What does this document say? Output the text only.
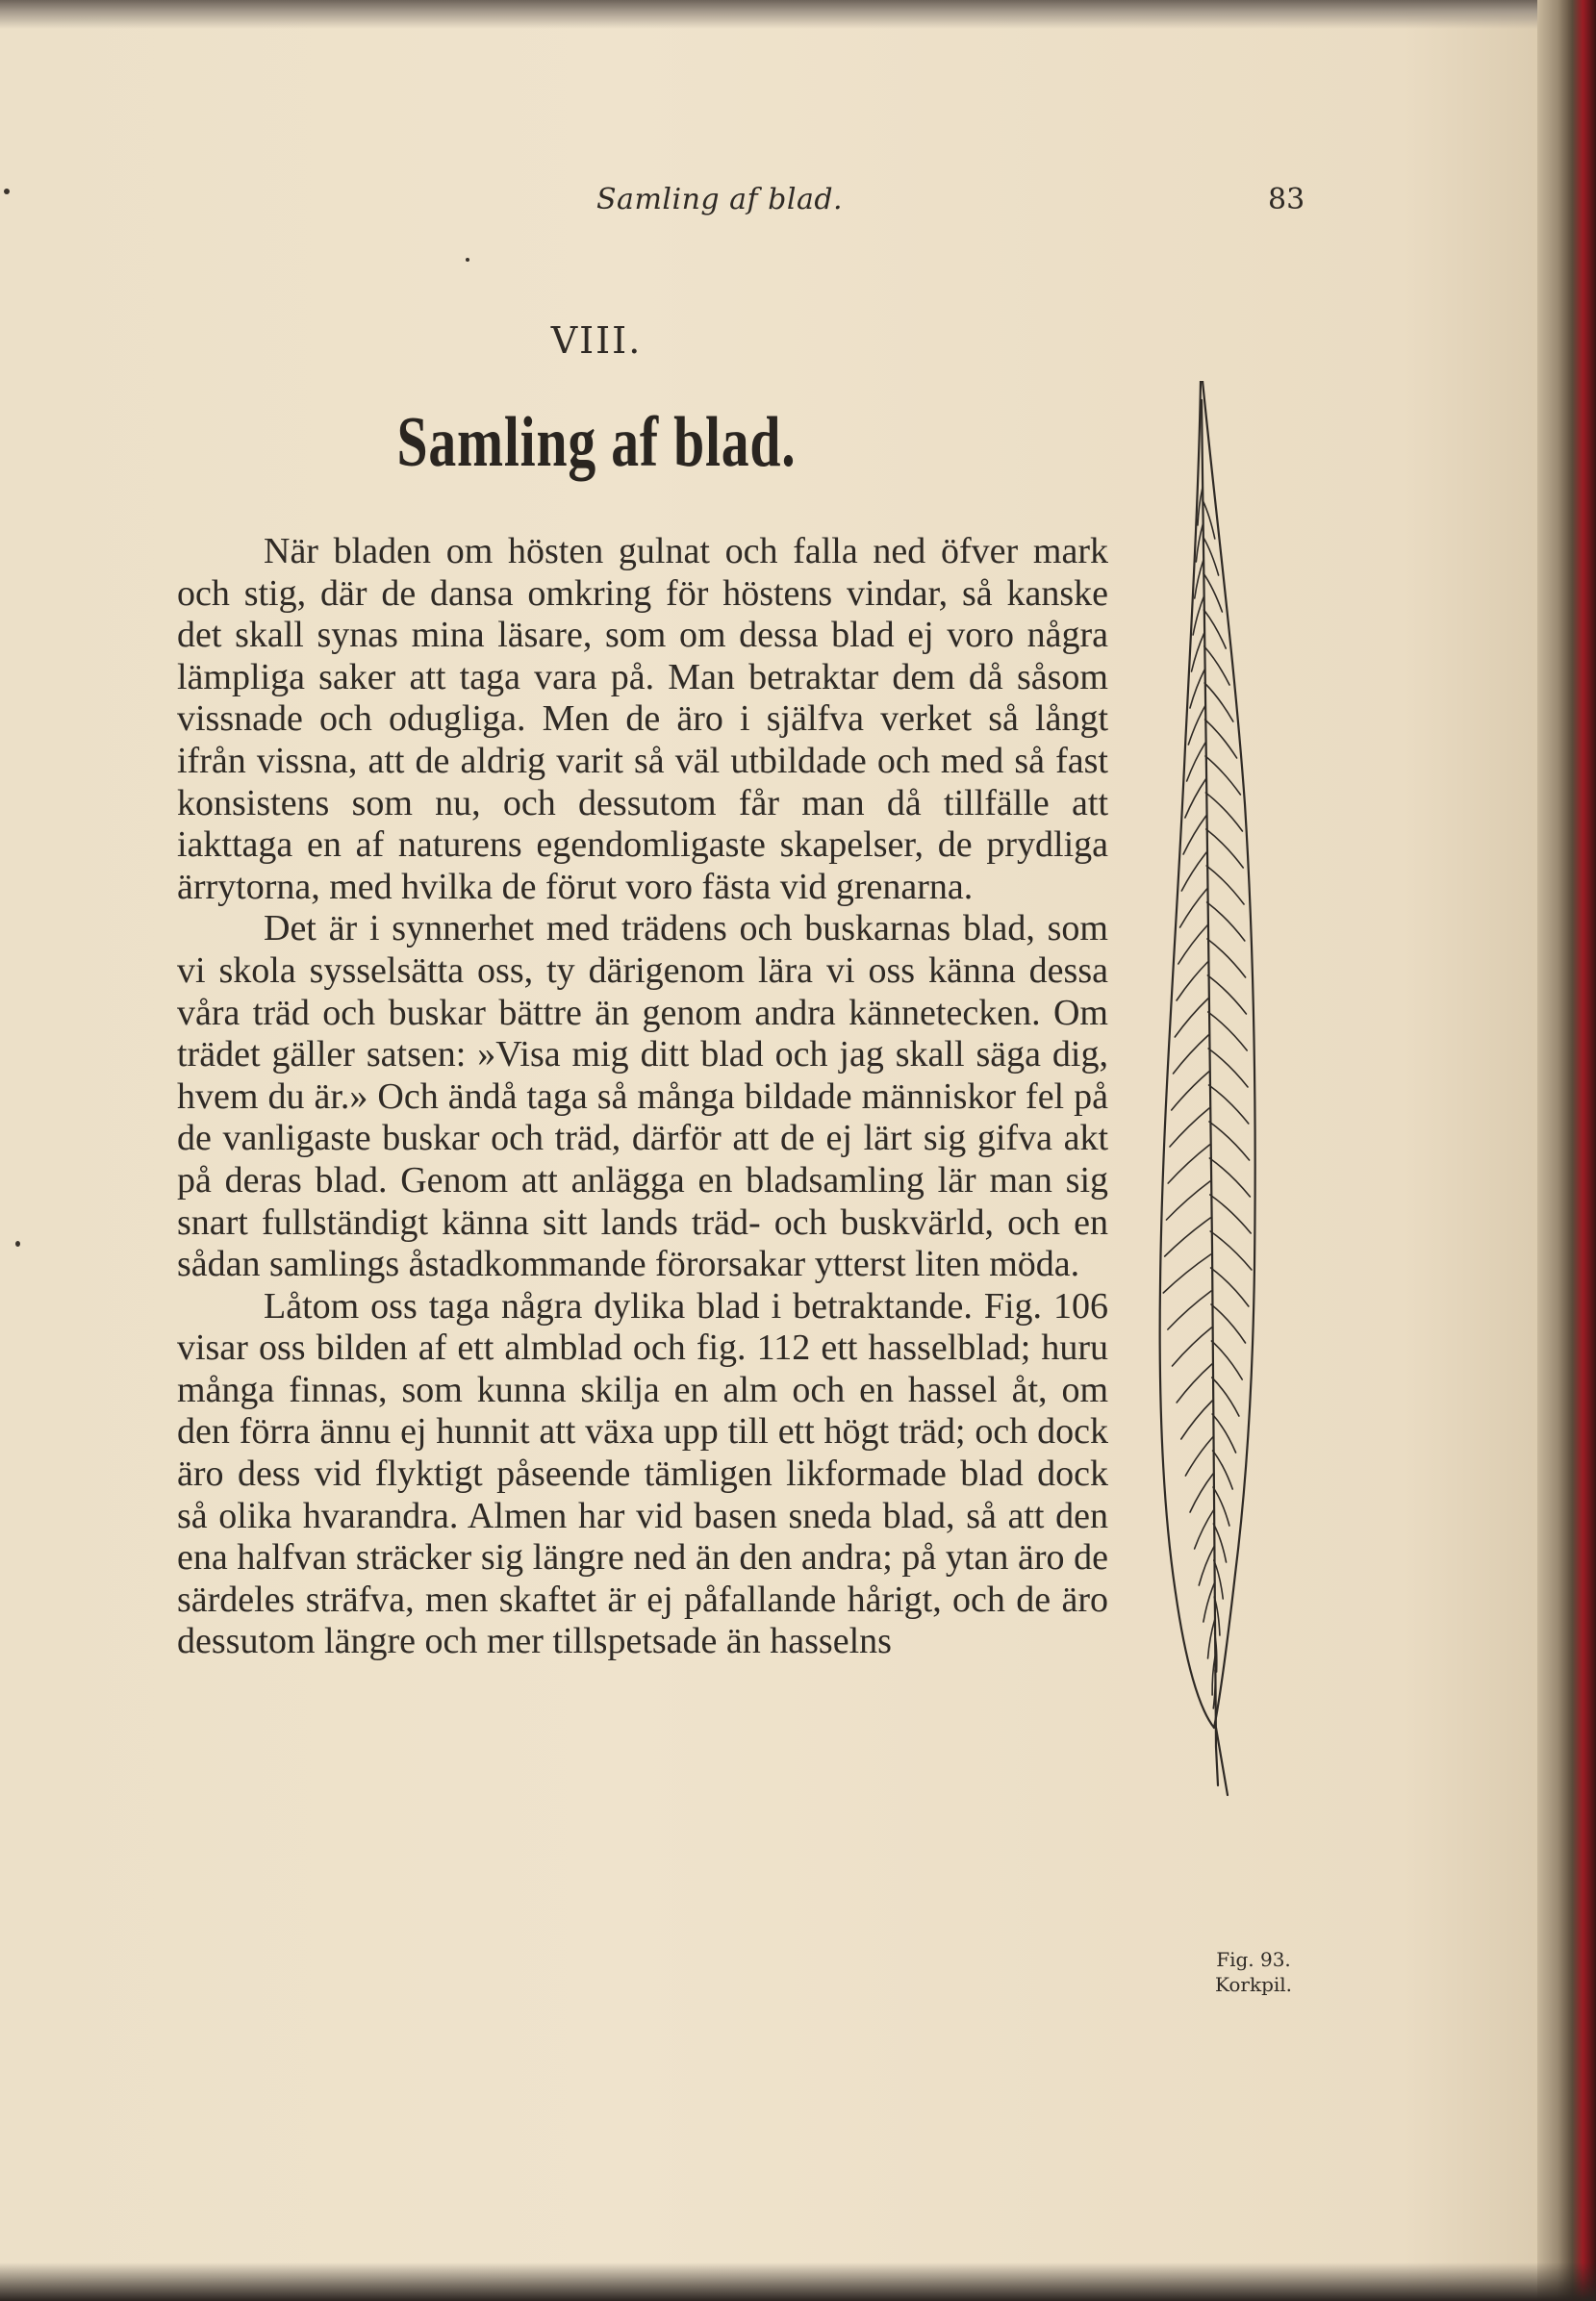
Samling af blad.	83
VIII.
Samling af blad.

När bladen om hösten gulnat och falla ned öfver mark och stig, där de dansa omkring för höstens vindar, så kanske det skall synas mina läsare, som om dessa blad ej voro några lämpliga saker att taga vara på. Man betraktar dem då såsom vissnade och odugliga. Men de äro i själfva verket så långt ifrån vissna, att de aldrig varit så väl utbildade och med så fast konsistens som nu, och dessutom får man då tillfälle att iakttaga en af naturens egendomligaste skapelser, de prydliga ärrytorna, med hvilka de förut voro fästa vid grenarna.

Det är i synnerhet med trädens och buskarnas blad, som vi skola sysselsätta oss, ty därigenom lära vi oss känna dessa våra träd och buskar bättre än genom andra kännetecken. Om trädet gäller satsen: »Visa mig ditt blad och jag skall säga dig, hvem du är.» Och ändå taga så många bildade människor fel på de vanligaste buskar och träd, därför att de ej lärt sig gifva akt på deras blad. Genom att anlägga en bladsamling lär man sig snart fullständigt känna sitt lands träd- och buskvärld, och en sådan samlings åstadkommande förorsakar ytterst liten möda.

Låtom oss taga några dylika blad i betraktande. Fig. 106 visar oss bilden af ett almblad och fig. 112 ett hasselblad; huru många finnas, som kunna skilja en alm och en hassel åt, om den förra ännu ej hunnit att växa upp till ett högt träd; och dock äro dess vid flyktigt påseende tämligen likformade blad dock så olika hvarandra. Almen har vid basen sneda blad, så att den ena halfvan sträcker sig längre ned än den andra; på ytan äro de särdeles sträfva, men skaftet är ej påfallande hårigt, och de äro dessutom längre och mer tillspetsade än hasselns

Fig. 93.
Korkpil.
